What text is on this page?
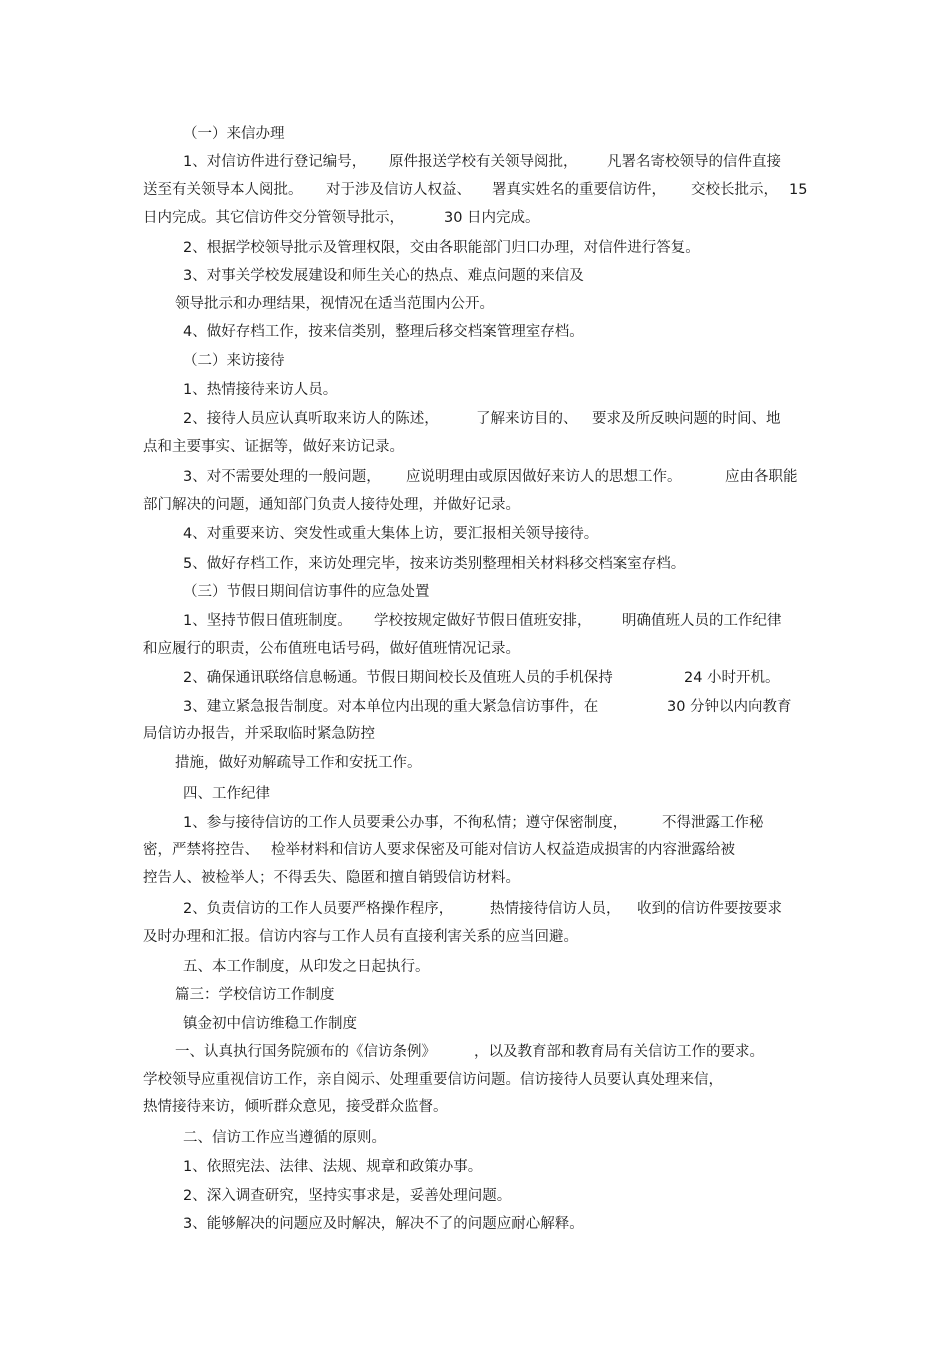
（一）来信办理
1、对信访件进行登记编号， 原件报送学校有关领导阅批， 凡署名寄校领导的信件直接
送至有关领导本人阅批。 对于涉及信访人权益、 署真实姓名的重要信访件， 交校长批示， 15
日内完成。其它信访件交分管领导批示，	30 日内完成。
2、根据学校领导批示及管理权限，交由各职能部门归口办理，对信件进行答复。
3、对事关学校发展建设和师生关心的热点、难点问题的来信及
领导批示和办理结果，视情况在适当范围内公开。
4、做好存档工作，按来信类别，整理后移交档案管理室存档。
（二）来访接待
1、热情接待来访人员。
2、接待人员应认真听取来访人的陈述，	了解来访目的、 要求及所反映问题的时间、地
点和主要事实、证据等，做好来访记录。
3、对不需要处理的一般问题， 应说明理由或原因做好来访人的思想工作。	应由各职能
部门解决的问题，通知部门负责人接待处理，并做好记录。
4、对重要来访、突发性或重大集体上访，要汇报相关领导接待。
5、做好存档工作，来访处理完毕，按来访类别整理相关材料移交档案室存档。
（三）节假日期间信访事件的应急处置
1、坚持节假日值班制度。 学校按规定做好节假日值班安排， 明确值班人员的工作纪律
和应履行的职责，公布值班电话号码，做好值班情况记录。
2、确保通讯联络信息畅通。节假日期间校长及值班人员的手机保持	24 小时开机。
3、建立紧急报告制度。对本单位内出现的重大紧急信访事件，在	30 分钟以内向教育
局信访办报告，并采取临时紧急防控
措施，做好劝解疏导工作和安抚工作。
四、工作纪律
1、参与接待信访的工作人员要秉公办事，不徇私情；遵守保密制度， 不得泄露工作秘
密，严禁将控告、 检举材料和信访人要求保密及可能对信访人权益造成损害的内容泄露给被
控告人、被检举人；不得丢失、隐匿和擅自销毁信访材料。
2、负责信访的工作人员要严格操作程序，	热情接待信访人员， 收到的信访件要按要求
及时办理和汇报。信访内容与工作人员有直接利害关系的应当回避。
五、本工作制度，从印发之日起执行。
篇三：学校信访工作制度
镇金初中信访维稳工作制度
一、认真执行国务院颁布的《信访条例》	，以及教育部和教育局有关信访工作的要求。
学校领导应重视信访工作，亲自阅示、处理重要信访问题。信访接待人员要认真处理来信，
热情接待来访，倾听群众意见，接受群众监督。
二、信访工作应当遵循的原则。
1、依照宪法、法律、法规、规章和政策办事。
2、深入调查研究，坚持实事求是，妥善处理问题。
3、能够解决的问题应及时解决，解决不了的问题应耐心解释。
